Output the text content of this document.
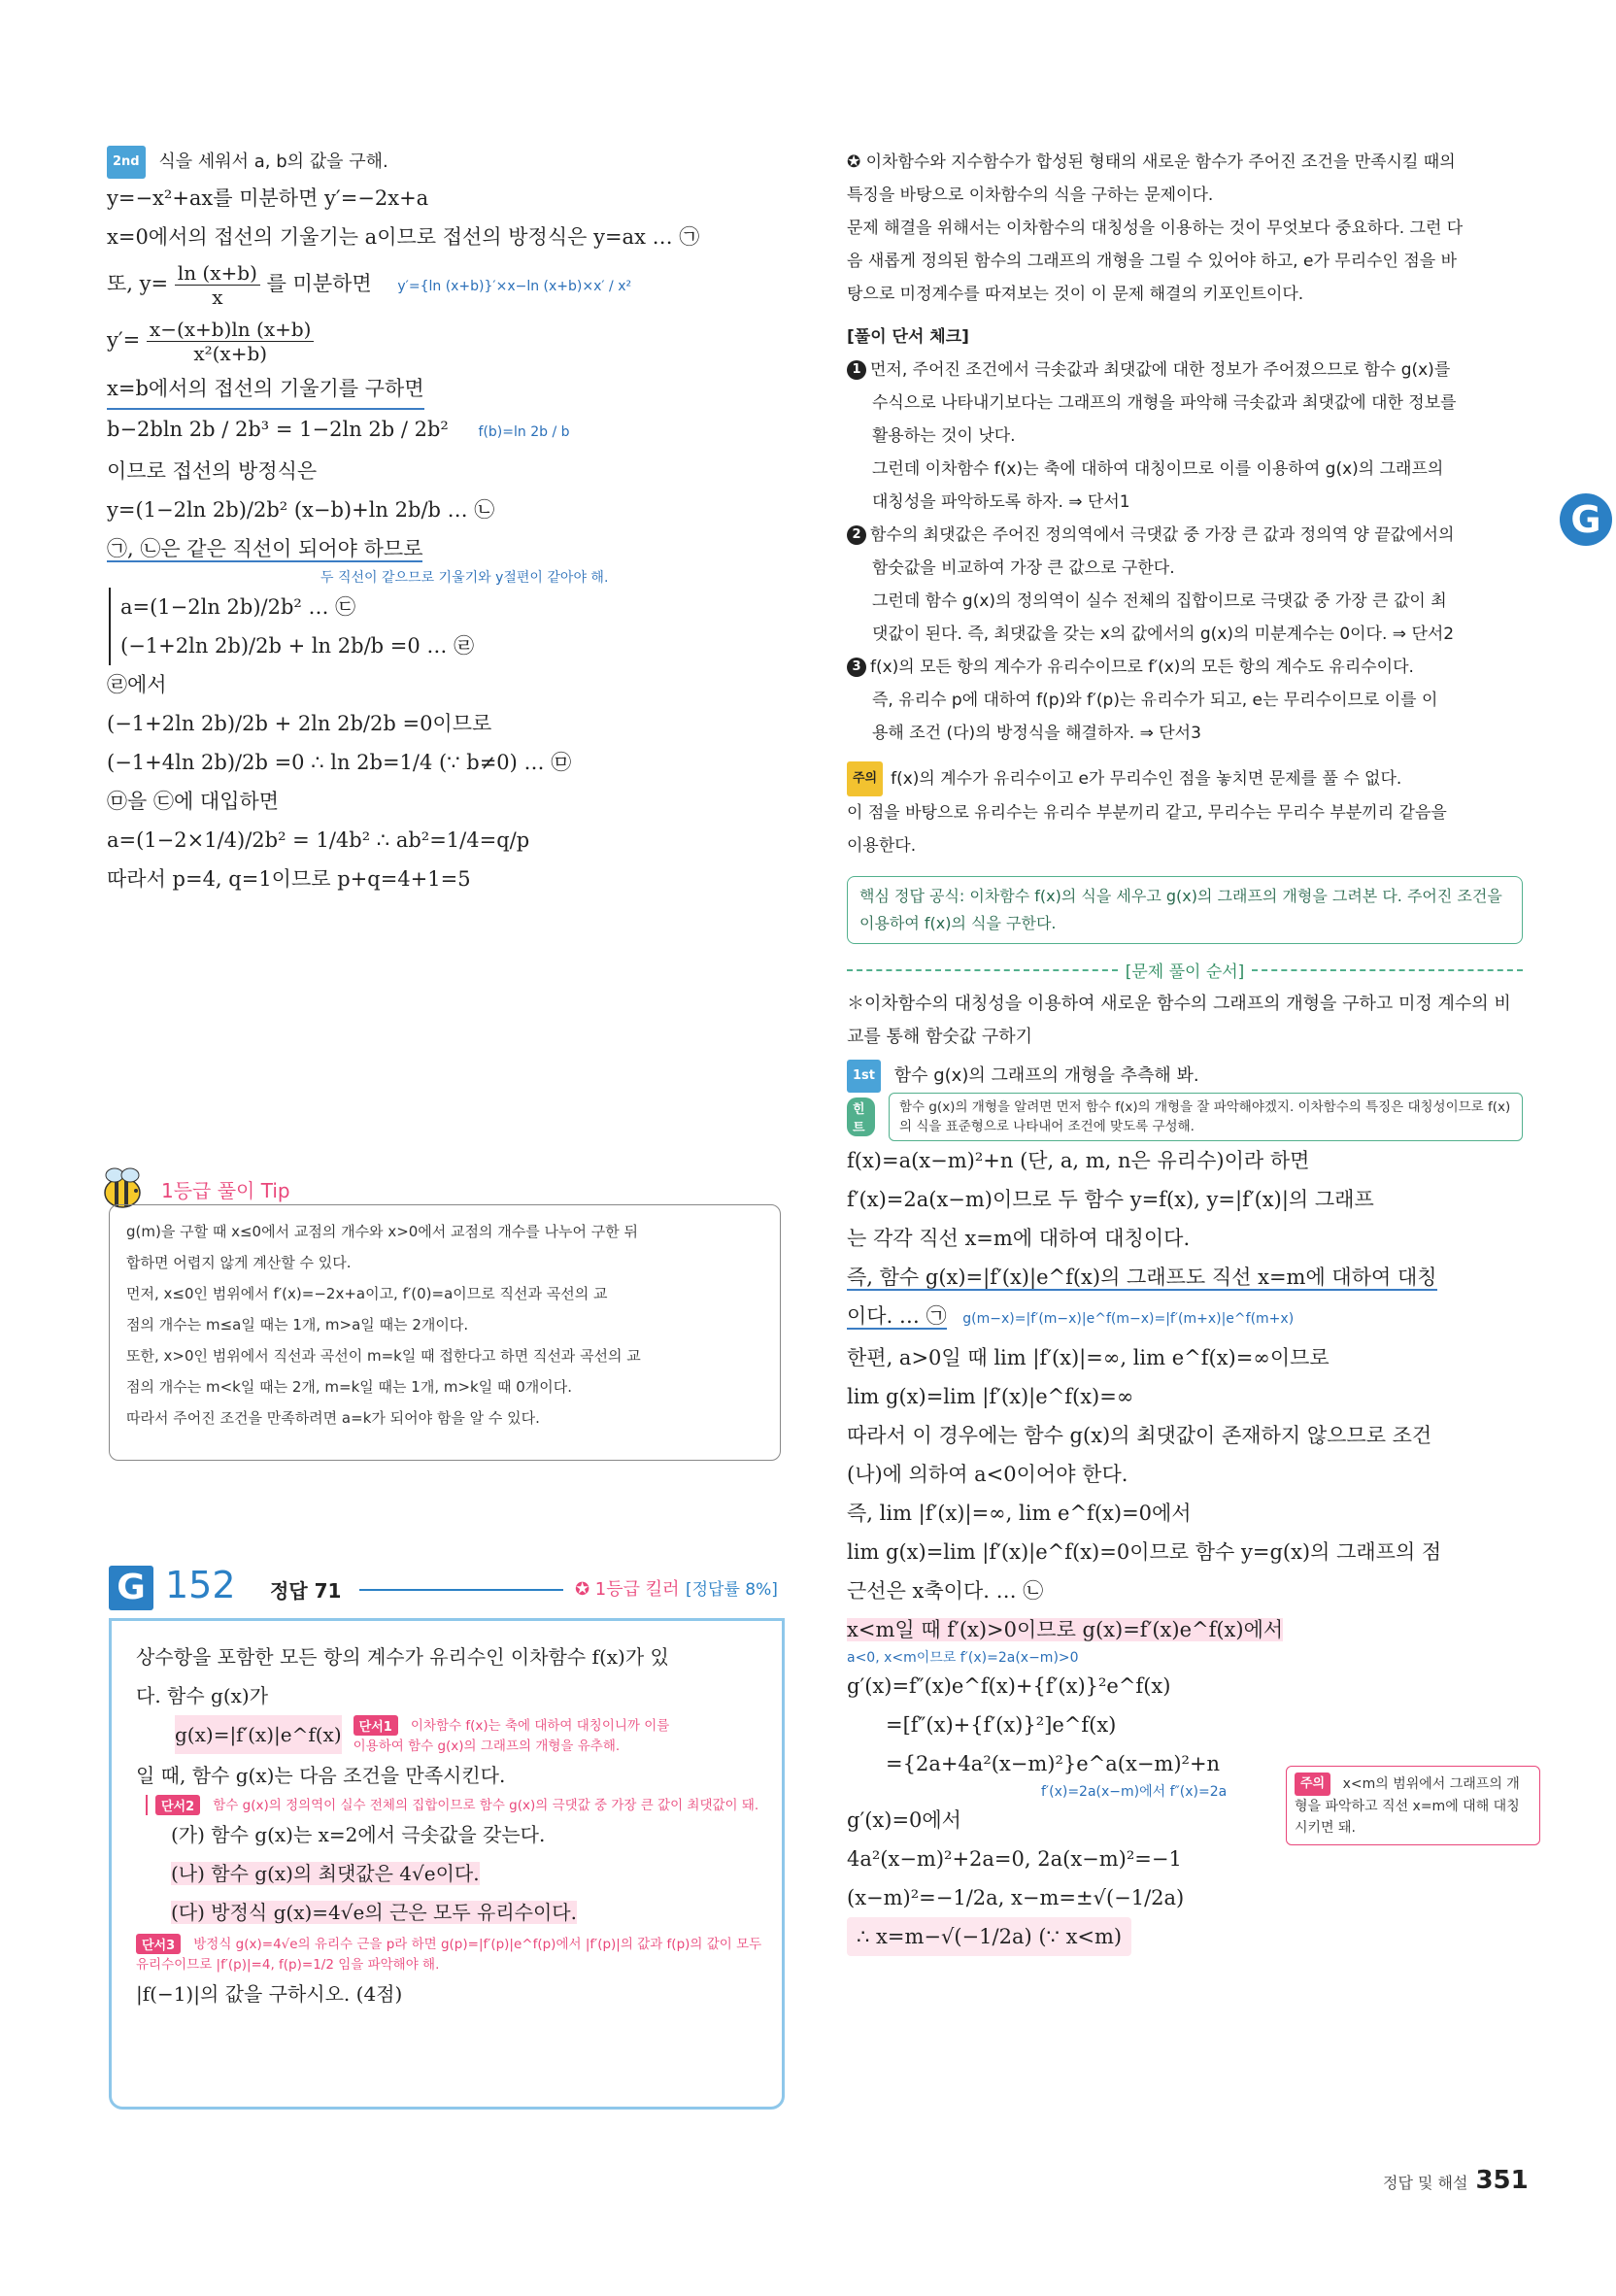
2nd 식을 세워서 a, b의 값을 구해.
y=−x²+ax를 미분하면 y′=−2x+a
x=0에서의 접선의 기울기는 a이므로 접선의 방정식은 y=ax … ㉠
또, $y= \frac{\ln (x+b)}{x}$ 를 미분하면 y′={ln (x+b)}′×x−ln (x+b)×x′ / x²
$y'= \frac{x-(x+b)\ln (x+b)}{\text{x²(x+b)}}$
x=b에서의 접선의 기울기를 구하면
b−2bln 2b / 2b³ = 1−2ln 2b / 2b² f(b)=ln 2b / b
이므로 접선의 방정식은
y=(1−2ln 2b)/2b² (x−b)+ln 2b/b … ㉡
㉠, ㉡은 같은 직선이 되어야 하므로
두 직선이 같으므로 기울기와 y절편이 같아야 해.
a=(1−2ln 2b)/2b² … ㉢
(−1+2ln 2b)/2b + ln 2b/b =0 … ㉣
㉣에서
(−1+2ln 2b)/2b + 2ln 2b/2b =0이므로
(−1+4ln 2b)/2b =0 ∴ ln 2b=1/4 (∵ b≠0) … ㉤
㉤을 ㉢에 대입하면
a=(1−2×1/4)/2b² = 1/4b² ∴ ab²=1/4=q/p
따라서 p=4, q=1이므로 p+q=4+1=5
1등급 풀이 Tip
g(m)을 구할 때 x≤0에서 교점의 개수와 x>0에서 교점의 개수를 나누어 구한 뒤
합하면 어렵지 않게 계산할 수 있다.
먼저, x≤0인 범위에서 f′(x)=−2x+a이고, f′(0)=a이므로 직선과 곡선의 교
점의 개수는 m≤a일 때는 1개, m>a일 때는 2개이다.
또한, x>0인 범위에서 직선과 곡선이 m=k일 때 접한다고 하면 직선과 곡선의 교
점의 개수는 m<k일 때는 2개, m=k일 때는 1개, m>k일 때 0개이다.
따라서 주어진 조건을 만족하려면 a=k가 되어야 함을 알 수 있다.
G 152 정답 71	✪ 1등급 킬러 [정답률 8%]
상수항을 포함한 모든 항의 계수가 유리수인 이차함수 f(x)가 있
다. 함수 g(x)가
g(x)=|f′(x)|e^f(x)	단서1 이차함수 f(x)는 축에 대하여 대칭이니까 이를 이용하여 함수 g(x)의 그래프의 개형을 유추해.
일 때, 함수 g(x)는 다음 조건을 만족시킨다.
단서2 함수 g(x)의 정의역이 실수 전체의 집합이므로 함수 g(x)의 극댓값 중 가장 큰 값이 최댓값이 돼.
(가) 함수 g(x)는 x=2에서 극솟값을 갖는다.
(나) 함수 g(x)의 최댓값은 4√e이다.
(다) 방정식 g(x)=4√e의 근은 모두 유리수이다.
단서3 방정식 g(x)=4√e의 유리수 근을 p라 하면 g(p)=|f′(p)|e^f(p)에서 |f′(p)|의 값과 f(p)의 값이 모두 유리수이므로 |f′(p)|=4, f(p)=1/2 임을 파악해야 해.
|f(−1)|의 값을 구하시오. (4점)
✪ 이차함수와 지수함수가 합성된 형태의 새로운 함수가 주어진 조건을 만족시킬 때의
특징을 바탕으로 이차함수의 식을 구하는 문제이다.
문제 해결을 위해서는 이차함수의 대칭성을 이용하는 것이 무엇보다 중요하다. 그런 다
음 새롭게 정의된 함수의 그래프의 개형을 그릴 수 있어야 하고, e가 무리수인 점을 바
탕으로 미정계수를 따져보는 것이 이 문제 해결의 키포인트이다.
[풀이 단서 체크]
1 먼저, 주어진 조건에서 극솟값과 최댓값에 대한 정보가 주어졌으므로 함수 g(x)를
수식으로 나타내기보다는 그래프의 개형을 파악해 극솟값과 최댓값에 대한 정보를
활용하는 것이 낫다.
그런데 이차함수 f(x)는 축에 대하여 대칭이므로 이를 이용하여 g(x)의 그래프의
대칭성을 파악하도록 하자. ⇒ 단서1
2 함수의 최댓값은 주어진 정의역에서 극댓값 중 가장 큰 값과 정의역 양 끝값에서의
함숫값을 비교하여 가장 큰 값으로 구한다.
그런데 함수 g(x)의 정의역이 실수 전체의 집합이므로 극댓값 중 가장 큰 값이 최
댓값이 된다. 즉, 최댓값을 갖는 x의 값에서의 g(x)의 미분계수는 0이다. ⇒ 단서2
3 f(x)의 모든 항의 계수가 유리수이므로 f′(x)의 모든 항의 계수도 유리수이다.
즉, 유리수 p에 대하여 f(p)와 f′(p)는 유리수가 되고, e는 무리수이므로 이를 이
용해 조건 (다)의 방정식을 해결하자. ⇒ 단서3
주의 f(x)의 계수가 유리수이고 e가 무리수인 점을 놓치면 문제를 풀 수 없다.
이 점을 바탕으로 유리수는 유리수 부분끼리 같고, 무리수는 무리수 부분끼리 같음을
이용한다.
핵심 정답 공식: 이차함수 f(x)의 식을 세우고 g(x)의 그래프의 개형을 그려본 다. 주어진 조건을 이용하여 f(x)의 식을 구한다.
[문제 풀이 순서]
＊이차함수의 대칭성을 이용하여 새로운 함수의 그래프의 개형을 구하고 미정 계수의 비교를 통해 함숫값 구하기
1st 함수 g(x)의 그래프의 개형을 추측해 봐.
힌트
함수 g(x)의 개형을 알려면 먼저 함수 f(x)의 개형을 잘 파악해야겠지. 이차함수의 특징은 대칭성이므로 f(x)의 식을 표준형으로 나타내어 조건에 맞도록 구성해.
f(x)=a(x−m)²+n (단, a, m, n은 유리수)이라 하면
f′(x)=2a(x−m)이므로 두 함수 y=f(x), y=|f′(x)|의 그래프
는 각각 직선 x=m에 대하여 대칭이다.
즉, 함수 g(x)=|f′(x)|e^f(x)의 그래프도 직선 x=m에 대하여 대칭
이다. … ㉠ g(m−x)=|f′(m−x)|e^f(m−x)=|f′(m+x)|e^f(m+x)
한편, a>0일 때 lim |f′(x)|=∞, lim e^f(x)=∞이므로
lim g(x)=lim |f′(x)|e^f(x)=∞
따라서 이 경우에는 함수 g(x)의 최댓값이 존재하지 않으므로 조건
(나)에 의하여 a<0이어야 한다.
즉, lim |f′(x)|=∞, lim e^f(x)=0에서
lim g(x)=lim |f′(x)|e^f(x)=0이므로 함수 y=g(x)의 그래프의 점
근선은 x축이다. … ㉡
x<m일 때 f′(x)>0이므로 g(x)=f′(x)e^f(x)에서
a<0, x<m이므로 f′(x)=2a(x−m)>0
g′(x)=f″(x)e^f(x)+{f′(x)}²e^f(x)
=[f″(x)+{f′(x)}²]e^f(x)
={2a+4a²(x−m)²}e^a(x−m)²+n
f′(x)=2a(x−m)에서 f″(x)=2a
g′(x)=0에서
4a²(x−m)²+2a=0, 2a(x−m)²=−1
(x−m)²=−1/2a, x−m=±√(−1/2a)
∴ x=m−√(−1/2a) (∵ x<m)
주의 x<m의 범위에서 그래프의 개형을 파악하고 직선 x=m에 대해 대칭시키면 돼.
G
정답 및 해설 351
